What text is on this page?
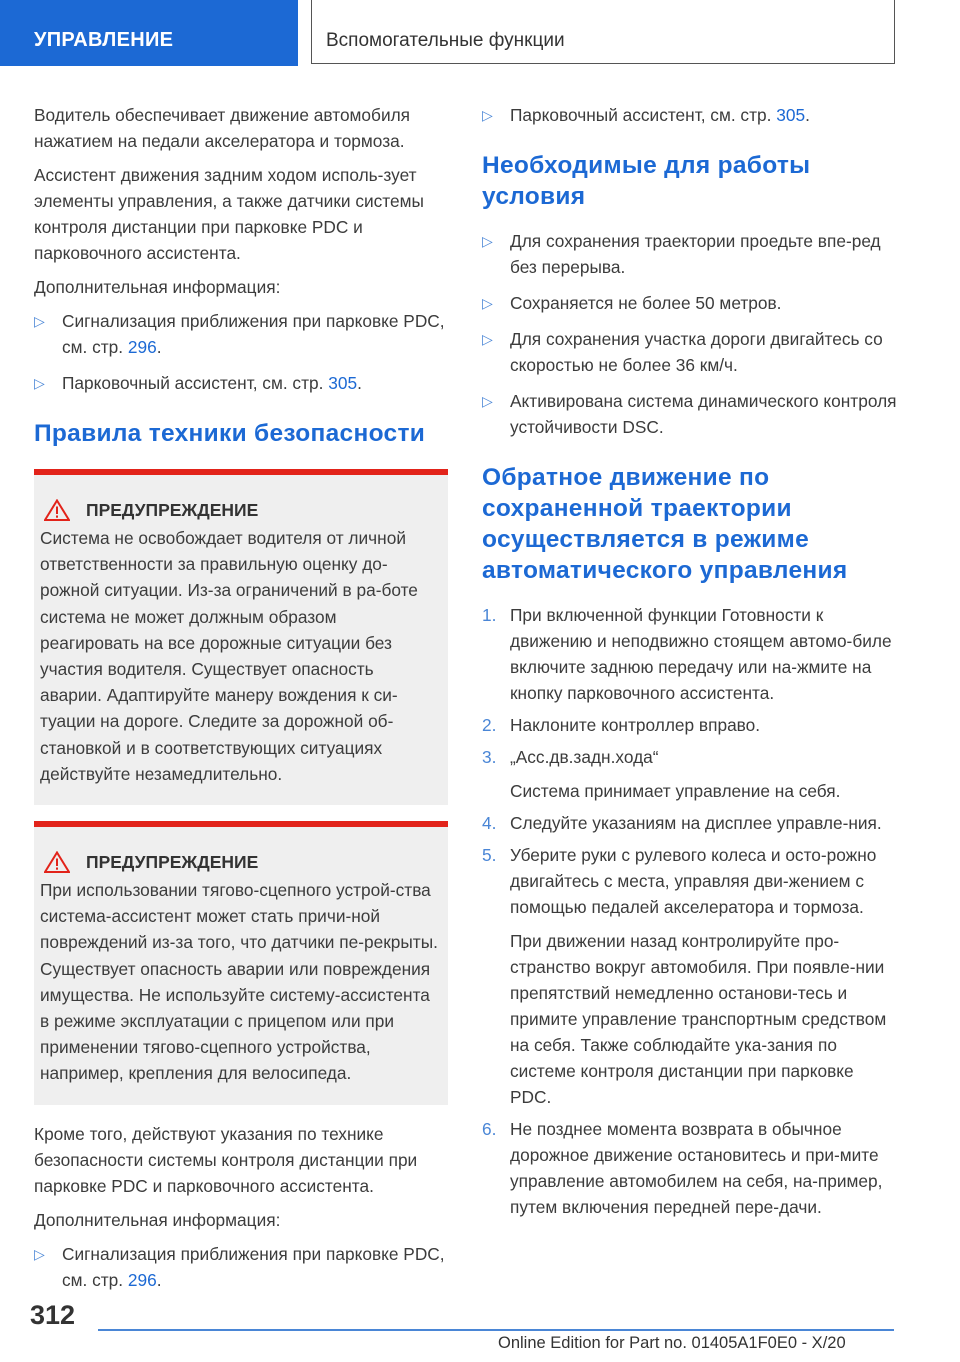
УПРАВЛЕНИЕ	Вспомогательные функции

Водитель обеспечивает движение автомобиля нажатием на педали акселератора и тормоза.

Ассистент движения задним ходом исполь-зует элементы управления, а также датчики системы контроля дистанции при парковке PDC и парковочного ассистента.

Дополнительная информация:

▷ Сигнализация приближения при парковке PDC, см. стр. 296.
▷ Парковочный ассистент, см. стр. 305.
Правила техники безопасности
ПРЕДУПРЕЖДЕНИЕ
Система не освобождает водителя от личной ответственности за правильную оценку до-рожной ситуации. Из-за ограничений в ра-боте система не может должным образом реагировать на все дорожные ситуации без участия водителя. Существует опасность аварии. Адаптируйте манеру вождения к си-туации на дороге. Следите за дорожной об-становкой и в соответствующих ситуациях действуйте незамедлительно.
ПРЕДУПРЕЖДЕНИЕ
При использовании тягово-сцепного устрой-ства система-ассистент может стать причи-ной повреждений из-за того, что датчики пе-рекрыты. Существует опасность аварии или повреждения имущества. Не используйте систему-ассистента в режиме эксплуатации с прицепом или при применении тягово-сцепного устройства, например, крепления для велосипеда.

Кроме того, действуют указания по технике безопасности системы контроля дистанции при парковке PDC и парковочного ассистента.

Дополнительная информация:

▷ Сигнализация приближения при парковке PDC, см. стр. 296.
▷ Парковочный ассистент, см. стр. 305.
Необходимые для работы условия
▷ Для сохранения траектории проедьте впе-ред без перерыва.
▷ Сохраняется не более 50 метров.
▷ Для сохранения участка дороги двигайтесь со скоростью не более 36 км/ч.
▷ Активирована система динамического контроля устойчивости DSC.
Обратное движение по сохраненной траектории осуществляется в режиме автоматического управления
1. При включенной функции Готовности к движению и неподвижно стоящем автомо-биле включите заднюю передачу или на-жмите на кнопку парковочного ассистента.
2. Наклоните контроллер вправо.
3. „Асс.дв.задн.хода“
Система принимает управление на себя.
4. Следуйте указаниям на дисплее управле-ния.
5. Уберите руки с рулевого колеса и осто-рожно двигайтесь с места, управляя дви-жением с помощью педалей акселератора и тормоза.
При движении назад контролируйте про-странство вокруг автомобиля. При появле-нии препятствий немедленно останови-тесь и примите управление транспортным средством на себя. Также соблюдайте ука-зания по системе контроля дистанции при парковке PDC.
6. Не позднее момента возврата в обычное дорожное движение остановитесь и при-мите управление автомобилем на себя, на-пример, путем включения передней пере-дачи.
312
Online Edition for Part no. 01405A1F0E0 - X/20
